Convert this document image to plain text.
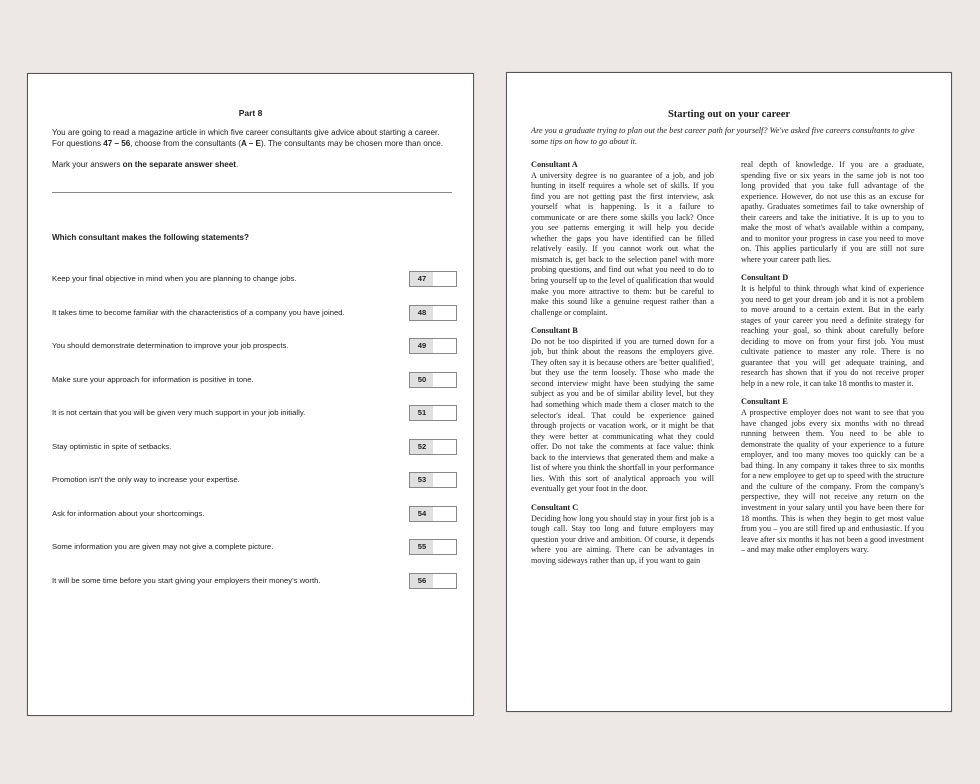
Part 8

You are going to read a magazine article in which five career consultants give advice about starting a career. For questions 47 – 56, choose from the consultants (A – E). The consultants may be chosen more than once.

Mark your answers on the separate answer sheet.

Which consultant makes the following statements?
Keep your final objective in mind when you are planning to change jobs.	47
It takes time to become familiar with the characteristics of a company you have joined.	48
You should demonstrate determination to improve your job prospects.	49
Make sure your approach for information is positive in tone.	50
It is not certain that you will be given very much support in your job initially.	51
Stay optimistic in spite of setbacks.	52
Promotion isn't the only way to increase your expertise.	53
Ask for information about your shortcomings.	54
Some information you are given may not give a complete picture.	55
It will be some time before you start giving your employers their money's worth.	56
Starting out on your career
Are you a graduate trying to plan out the best career path for yourself? We've asked five careers consultants to give some tips on how to go about it.
Consultant A

A university degree is no guarantee of a job, and job hunting in itself requires a whole set of skills. If you find you are not getting past the first interview, ask yourself what is happening. Is it a failure to communicate or are there some skills you lack? Once you see patterns emerging it will help you decide whether the gaps you have identified can be filled relatively easily. If you cannot work out what the mismatch is, get back to the selection panel with more probing questions, and find out what you need to do to bring yourself up to the level of qualification that would make you more attractive to them: but be careful to make this sound like a genuine request rather than a challenge or complaint.

Consultant B

Do not be too dispirited if you are turned down for a job, but think about the reasons the employers give. They often say it is because others are 'better qualified', but they use the term loosely. Those who made the second interview might have been studying the same subject as you and be of similar ability level, but they had something which made them a closer match to the selector's ideal. That could be experience gained through projects or vacation work, or it might be that they were better at communicating what they could offer. Do not take the comments at face value: think back to the interviews that generated them and make a list of where you think the shortfall in your performance lies. With this sort of analytical approach you will eventually get your foot in the door.

Consultant C

Deciding how long you should stay in your first job is a tough call. Stay too long and future employers may question your drive and ambition. Of course, it depends where you are aiming. There can be advantages in moving sideways rather than up, if you want to gain

real depth of knowledge. If you are a graduate, spending five or six years in the same job is not too long provided that you take full advantage of the experience. However, do not use this as an excuse for apathy. Graduates sometimes fail to take ownership of their careers and take the initiative. It is up to you to make the most of what's available within a company, and to monitor your progress in case you need to move on. This applies particularly if you are still not sure where your career path lies.

Consultant D

It is helpful to think through what kind of experience you need to get your dream job and it is not a problem to move around to a certain extent. But in the early stages of your career you need a definite strategy for reaching your goal, so think about carefully before deciding to move on from your first job. You must cultivate patience to master any role. There is no guarantee that you will get adequate training, and research has shown that if you do not receive proper help in a new role, it can take 18 months to master it.

Consultant E

A prospective employer does not want to see that you have changed jobs every six months with no thread running between them. You need to be able to demonstrate the quality of your experience to a future employer, and too many moves too quickly can be a bad thing. In any company it takes three to six months for a new employee to get up to speed with the structure and the culture of the company. From the company's perspective, they will not receive any return on the investment in your salary until you have been there for 18 months. This is when they begin to get most value from you – you are still fired up and enthusiastic. If you leave after six months it has not been a good investment – and may make other employers wary.
